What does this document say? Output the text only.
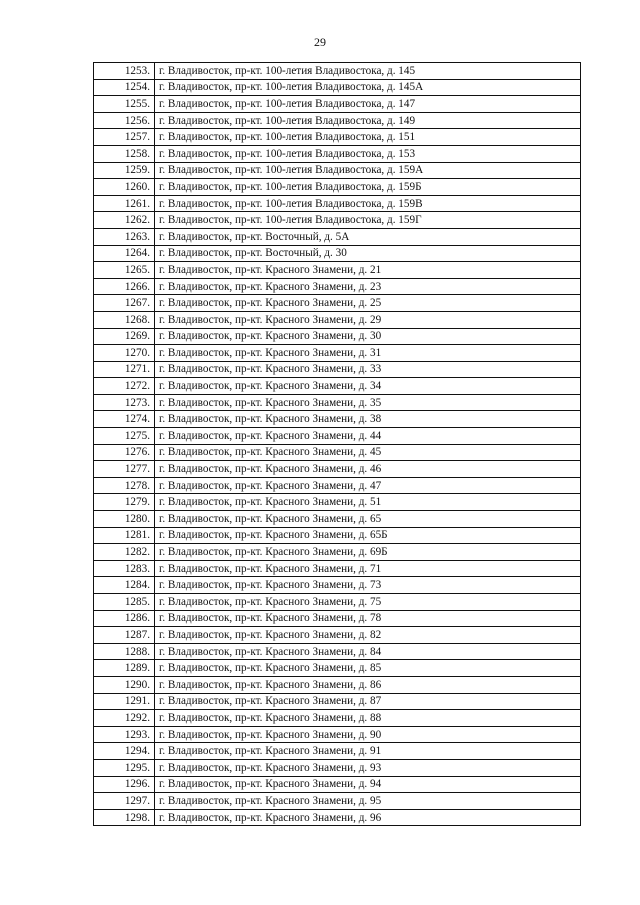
29
1253.	г. Владивосток, пр-кт. 100-летия Владивостока, д. 145
1254.	г. Владивосток, пр-кт. 100-летия Владивостока, д. 145А
1255.	г. Владивосток, пр-кт. 100-летия Владивостока, д. 147
1256.	г. Владивосток, пр-кт. 100-летия Владивостока, д. 149
1257.	г. Владивосток, пр-кт. 100-летия Владивостока, д. 151
1258.	г. Владивосток, пр-кт. 100-летия Владивостока, д. 153
1259.	г. Владивосток, пр-кт. 100-летия Владивостока, д. 159А
1260.	г. Владивосток, пр-кт. 100-летия Владивостока, д. 159Б
1261.	г. Владивосток, пр-кт. 100-летия Владивостока, д. 159В
1262.	г. Владивосток, пр-кт. 100-летия Владивостока, д. 159Г
1263.	г. Владивосток, пр-кт. Восточный, д. 5А
1264.	г. Владивосток, пр-кт. Восточный, д. 30
1265.	г. Владивосток, пр-кт. Красного Знамени, д. 21
1266.	г. Владивосток, пр-кт. Красного Знамени, д. 23
1267.	г. Владивосток, пр-кт. Красного Знамени, д. 25
1268.	г. Владивосток, пр-кт. Красного Знамени, д. 29
1269.	г. Владивосток, пр-кт. Красного Знамени, д. 30
1270.	г. Владивосток, пр-кт. Красного Знамени, д. 31
1271.	г. Владивосток, пр-кт. Красного Знамени, д. 33
1272.	г. Владивосток, пр-кт. Красного Знамени, д. 34
1273.	г. Владивосток, пр-кт. Красного Знамени, д. 35
1274.	г. Владивосток, пр-кт. Красного Знамени, д. 38
1275.	г. Владивосток, пр-кт. Красного Знамени, д. 44
1276.	г. Владивосток, пр-кт. Красного Знамени, д. 45
1277.	г. Владивосток, пр-кт. Красного Знамени, д. 46
1278.	г. Владивосток, пр-кт. Красного Знамени, д. 47
1279.	г. Владивосток, пр-кт. Красного Знамени, д. 51
1280.	г. Владивосток, пр-кт. Красного Знамени, д. 65
1281.	г. Владивосток, пр-кт. Красного Знамени, д. 65Б
1282.	г. Владивосток, пр-кт. Красного Знамени, д. 69Б
1283.	г. Владивосток, пр-кт. Красного Знамени, д. 71
1284.	г. Владивосток, пр-кт. Красного Знамени, д. 73
1285.	г. Владивосток, пр-кт. Красного Знамени, д. 75
1286.	г. Владивосток, пр-кт. Красного Знамени, д. 78
1287.	г. Владивосток, пр-кт. Красного Знамени, д. 82
1288.	г. Владивосток, пр-кт. Красного Знамени, д. 84
1289.	г. Владивосток, пр-кт. Красного Знамени, д. 85
1290.	г. Владивосток, пр-кт. Красного Знамени, д. 86
1291.	г. Владивосток, пр-кт. Красного Знамени, д. 87
1292.	г. Владивосток, пр-кт. Красного Знамени, д. 88
1293.	г. Владивосток, пр-кт. Красного Знамени, д. 90
1294.	г. Владивосток, пр-кт. Красного Знамени, д. 91
1295.	г. Владивосток, пр-кт. Красного Знамени, д. 93
1296.	г. Владивосток, пр-кт. Красного Знамени, д. 94
1297.	г. Владивосток, пр-кт. Красного Знамени, д. 95
1298.	г. Владивосток, пр-кт. Красного Знамени, д. 96
